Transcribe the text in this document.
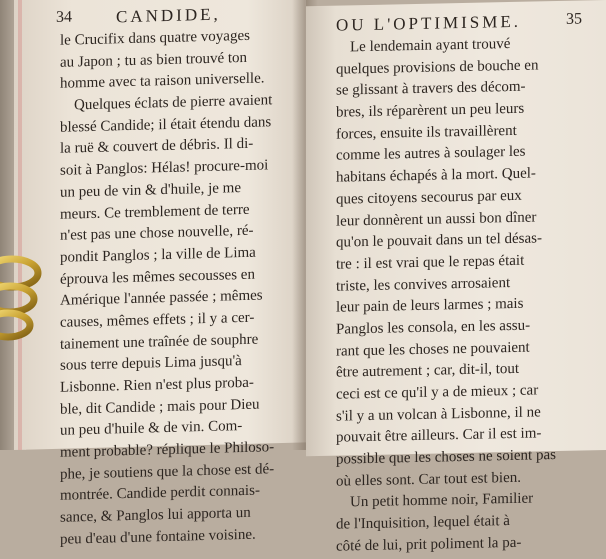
34	CANDIDE,
le Crucifix dans quatre voyages
au Japon ; tu as bien trouvé ton
homme avec ta raison universelle.
Quelques éclats de pierre avaient
blessé Candide; il était étendu dans
la ruë & couvert de débris. Il di-
soit à Panglos: Hélas! procure-moi
un peu de vin & d'huile, je me
meurs. Ce tremblement de terre
n'est pas une chose nouvelle, ré-
pondit Panglos ; la ville de Lima
éprouva les mêmes secousses en
Amérique l'année passée ; mêmes
causes, mêmes effets ; il y a cer-
tainement une traînée de souphre
sous terre depuis Lima jusqu'à
Lisbonne. Rien n'est plus proba-
ble, dit Candide ; mais pour Dieu
un peu d'huile & de vin. Com-
ment probable? réplique le Philoso-
phe, je soutiens que la chose est dé-
montrée. Candide perdit connais-
sance, & Panglos lui apporta un
peu d'eau d'une fontaine voisine.
OU L'OPTIMISME.	35
Le lendemain ayant trouvé
quelques provisions de bouche en
se glissant à travers des décom-
bres, ils réparèrent un peu leurs
forces, ensuite ils travaillèrent
comme les autres à soulager les
habitans échapés à la mort. Quel-
ques citoyens secourus par eux
leur donnèrent un aussi bon dîner
qu'on le pouvait dans un tel désas-
tre : il est vrai que le repas était
triste, les convives arrosaient
leur pain de leurs larmes ; mais
Panglos les consola, en les assu-
rant que les choses ne pouvaient
être autrement ; car, dit-il, tout
ceci est ce qu'il y a de mieux ; car
s'il y a un volcan à Lisbonne, il ne
pouvait être ailleurs. Car il est im-
possible que les choses ne soient pas
où elles sont. Car tout est bien.
Un petit homme noir, Familier
de l'Inquisition, lequel était à
côté de lui, prit poliment la pa-
